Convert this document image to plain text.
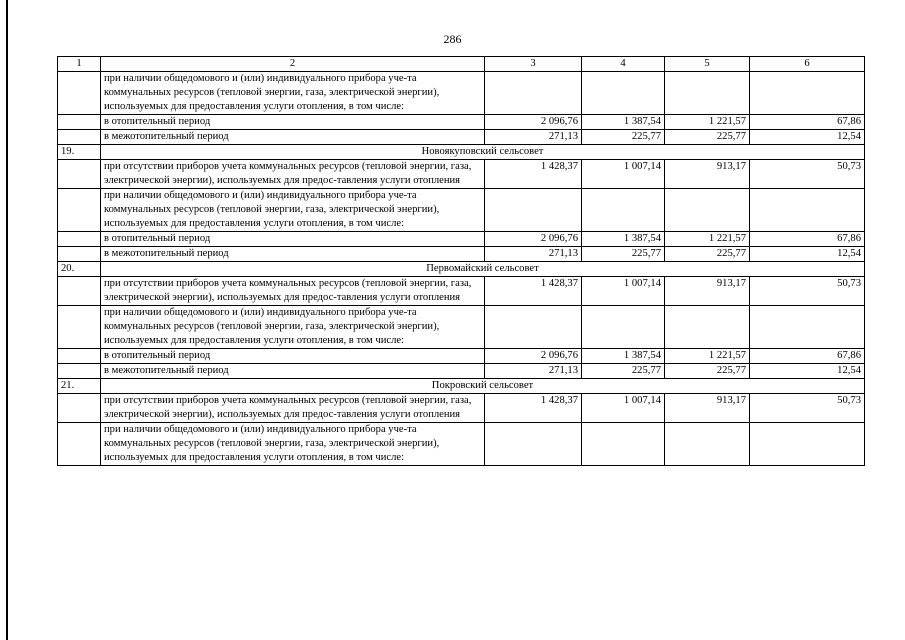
286
1	2	3	4	5	6
	при наличии общедомового и (или) индивидуального прибора уче-та коммунальных ресурсов (тепловой энергии, газа, электрической энергии), используемых для предоставления услуги отопления, в том числе:				
	в отопительный период	2 096,76	1 387,54	1 221,57	67,86
	в межотопительный период	271,13	225,77	225,77	12,54
19.	Новоякуповский сельсовет				
	при отсутствии приборов учета коммунальных ресурсов (тепловой энергии, газа, электрической энергии), используемых для предос-тавления услуги отопления	1 428,37	1 007,14	913,17	50,73
	при наличии общедомового и (или) индивидуального прибора уче-та коммунальных ресурсов (тепловой энергии, газа, электрической энергии), используемых для предоставления услуги отопления, в том числе:				
	в отопительный период	2 096,76	1 387,54	1 221,57	67,86
	в межотопительный период	271,13	225,77	225,77	12,54
20.	Первомайский сельсовет				
	при отсутствии приборов учета коммунальных ресурсов (тепловой энергии, газа, электрической энергии), используемых для предос-тавления услуги отопления	1 428,37	1 007,14	913,17	50,73
	при наличии общедомового и (или) индивидуального прибора уче-та коммунальных ресурсов (тепловой энергии, газа, электрической энергии), используемых для предоставления услуги отопления, в том числе:				
	в отопительный период	2 096,76	1 387,54	1 221,57	67,86
	в межотопительный период	271,13	225,77	225,77	12,54
21.	Покровский сельсовет				
	при отсутствии приборов учета коммунальных ресурсов (тепловой энергии, газа, электрической энергии), используемых для предос-тавления услуги отопления	1 428,37	1 007,14	913,17	50,73
	при наличии общедомового и (или) индивидуального прибора уче-та коммунальных ресурсов (тепловой энергии, газа, электрической энергии), используемых для предоставления услуги отопления, в том числе:				
